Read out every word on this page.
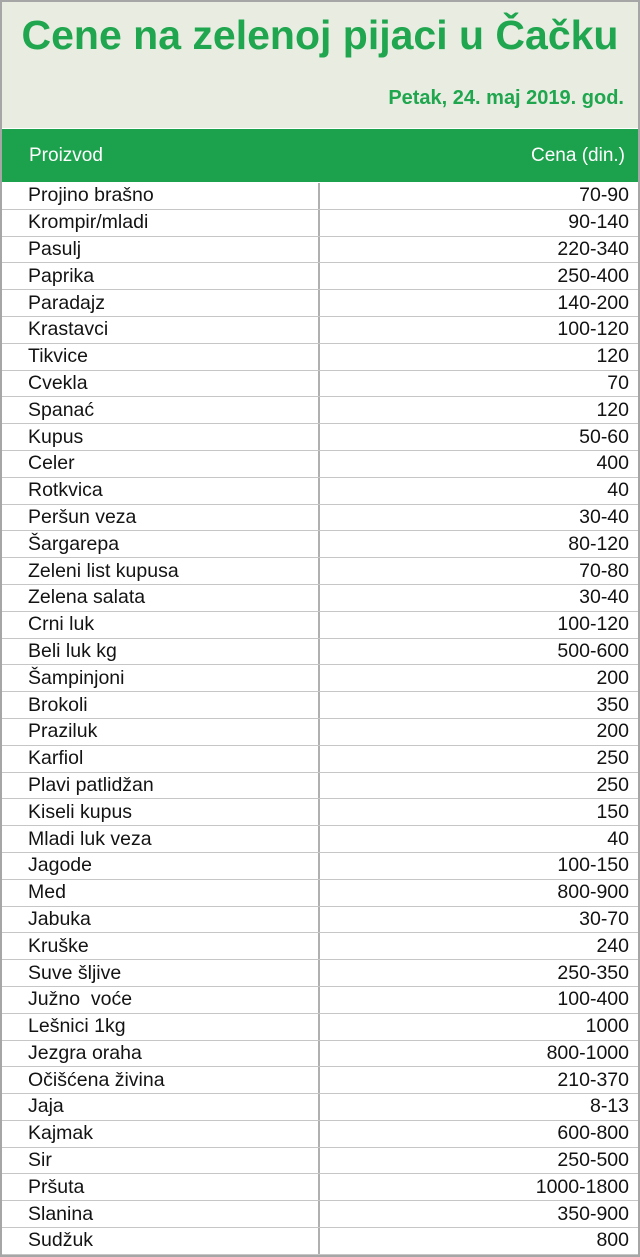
Cene na zelenoj pijaci u Čačku
Petak, 24. maj 2019. god.
Proizvod	Cena (din.)
Projino brašno	70-90
Krompir/mladi	90-140
Pasulj	220-340
Paprika	250-400
Paradajz	140-200
Krastavci	100-120
Tikvice	120
Cvekla	70
Spanać	120
Kupus	50-60
Celer	400
Rotkvica	40
Peršun veza	30-40
Šargarepa	80-120
Zeleni list kupusa	70-80
Zelena salata	30-40
Crni luk	100-120
Beli luk kg	500-600
Šampinjoni	200
Brokoli	350
Praziluk	200
Karfiol	250
Plavi patlidžan	250
Kiseli kupus	150
Mladi luk veza	40
Jagode	100-150
Med	800-900
Jabuka	30-70
Kruške	240
Suve šljive	250-350
Južno  voće	100-400
Lešnici 1kg	1000
Jezgra oraha	800-1000
Očišćena živina	210-370
Jaja	8-13
Kajmak	600-800
Sir	250-500
Pršuta	1000-1800
Slanina	350-900
Sudžuk	800
